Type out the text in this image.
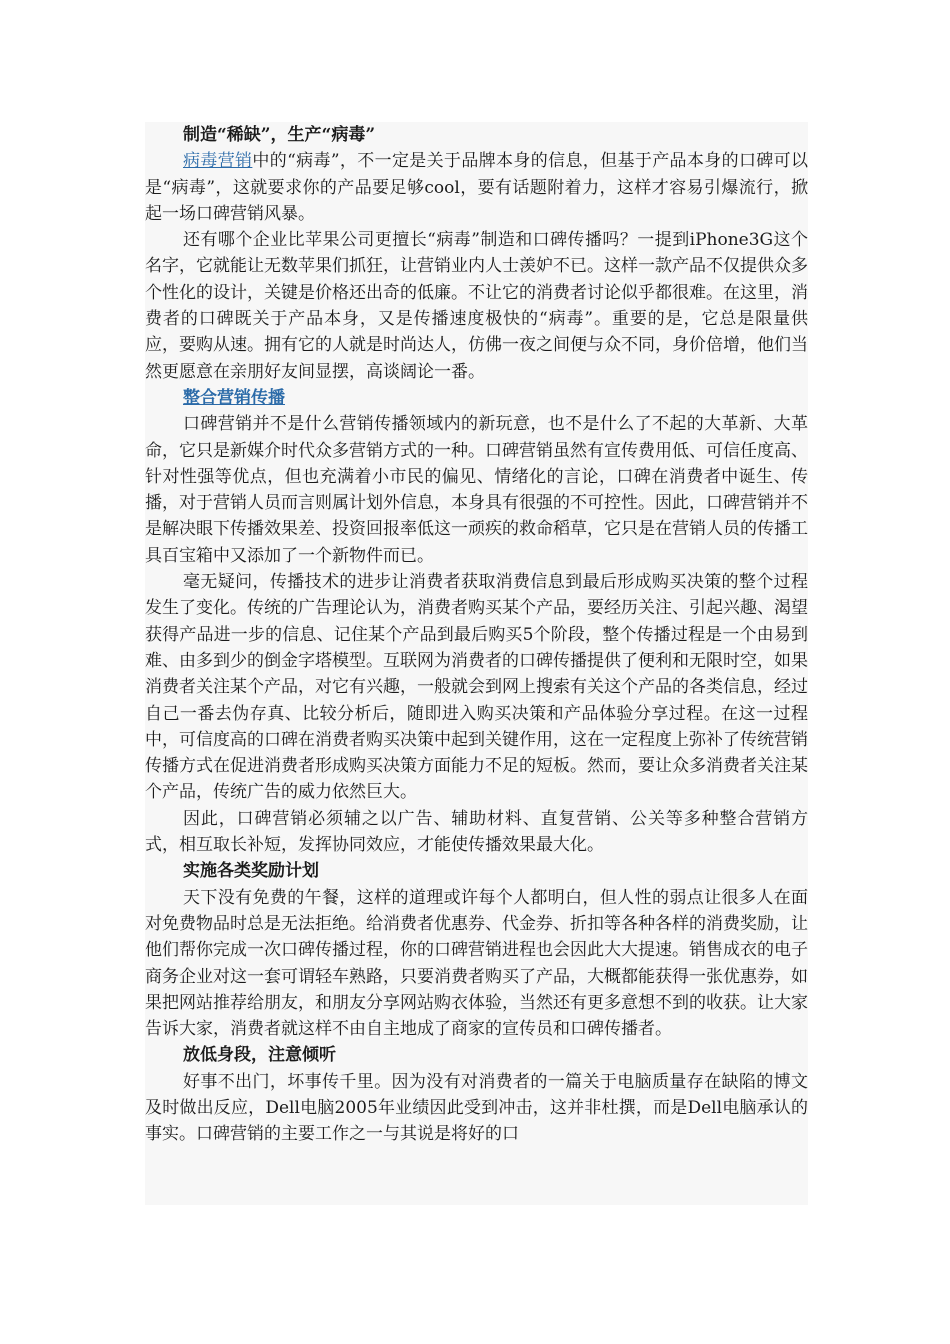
制造“稀缺”，生产“病毒”

病毒营销中的“病毒”，不一定是关于品牌本身的信息，但基于产品本身的口碑可以是“病毒”，这就要求你的产品要足够cool，要有话题附着力，这样才容易引爆流行，掀起一场口碑营销风暴。

还有哪个企业比苹果公司更擅长“病毒”制造和口碑传播吗？一提到iPhone3G这个名字，它就能让无数苹果们抓狂，让营销业内人士羡妒不已。这样一款产品不仅提供众多个性化的设计，关键是价格还出奇的低廉。不让它的消费者讨论似乎都很难。在这里，消费者的口碑既关于产品本身，又是传播速度极快的“病毒”。重要的是，它总是限量供应，要购从速。拥有它的人就是时尚达人，仿佛一夜之间便与众不同，身价倍增，他们当然更愿意在亲朋好友间显摆，高谈阔论一番。

整合营销传播

口碑营销并不是什么营销传播领域内的新玩意，也不是什么了不起的大革新、大革命，它只是新媒介时代众多营销方式的一种。口碑营销虽然有宣传费用低、可信任度高、针对性强等优点，但也充满着小市民的偏见、情绪化的言论，口碑在消费者中诞生、传播，对于营销人员而言则属计划外信息，本身具有很强的不可控性。因此，口碑营销并不是解决眼下传播效果差、投资回报率低这一顽疾的救命稻草，它只是在营销人员的传播工具百宝箱中又添加了一个新物件而已。

毫无疑问，传播技术的进步让消费者获取消费信息到最后形成购买决策的整个过程发生了变化。传统的广告理论认为，消费者购买某个产品，要经历关注、引起兴趣、渴望获得产品进一步的信息、记住某个产品到最后购买5个阶段，整个传播过程是一个由易到难、由多到少的倒金字塔模型。互联网为消费者的口碑传播提供了便利和无限时空，如果消费者关注某个产品，对它有兴趣，一般就会到网上搜索有关这个产品的各类信息，经过自己一番去伪存真、比较分析后，随即进入购买决策和产品体验分享过程。在这一过程中，可信度高的口碑在消费者购买决策中起到关键作用，这在一定程度上弥补了传统营销传播方式在促进消费者形成购买决策方面能力不足的短板。然而，要让众多消费者关注某个产品，传统广告的威力依然巨大。

因此，口碑营销必须辅之以广告、辅助材料、直复营销、公关等多种整合营销方式，相互取长补短，发挥协同效应，才能使传播效果最大化。

实施各类奖励计划

天下没有免费的午餐，这样的道理或许每个人都明白，但人性的弱点让很多人在面对免费物品时总是无法拒绝。给消费者优惠券、代金券、折扣等各种各样的消费奖励，让他们帮你完成一次口碑传播过程，你的口碑营销进程也会因此大大提速。销售成衣的电子商务企业对这一套可谓轻车熟路，只要消费者购买了产品，大概都能获得一张优惠券，如果把网站推荐给朋友，和朋友分享网站购衣体验，当然还有更多意想不到的收获。让大家告诉大家，消费者就这样不由自主地成了商家的宣传员和口碑传播者。

放低身段，注意倾听

好事不出门，坏事传千里。因为没有对消费者的一篇关于电脑质量存在缺陷的博文及时做出反应，Dell电脑2005年业绩因此受到冲击，这并非杜撰，而是Dell电脑承认的事实。口碑营销的主要工作之一与其说是将好的口
